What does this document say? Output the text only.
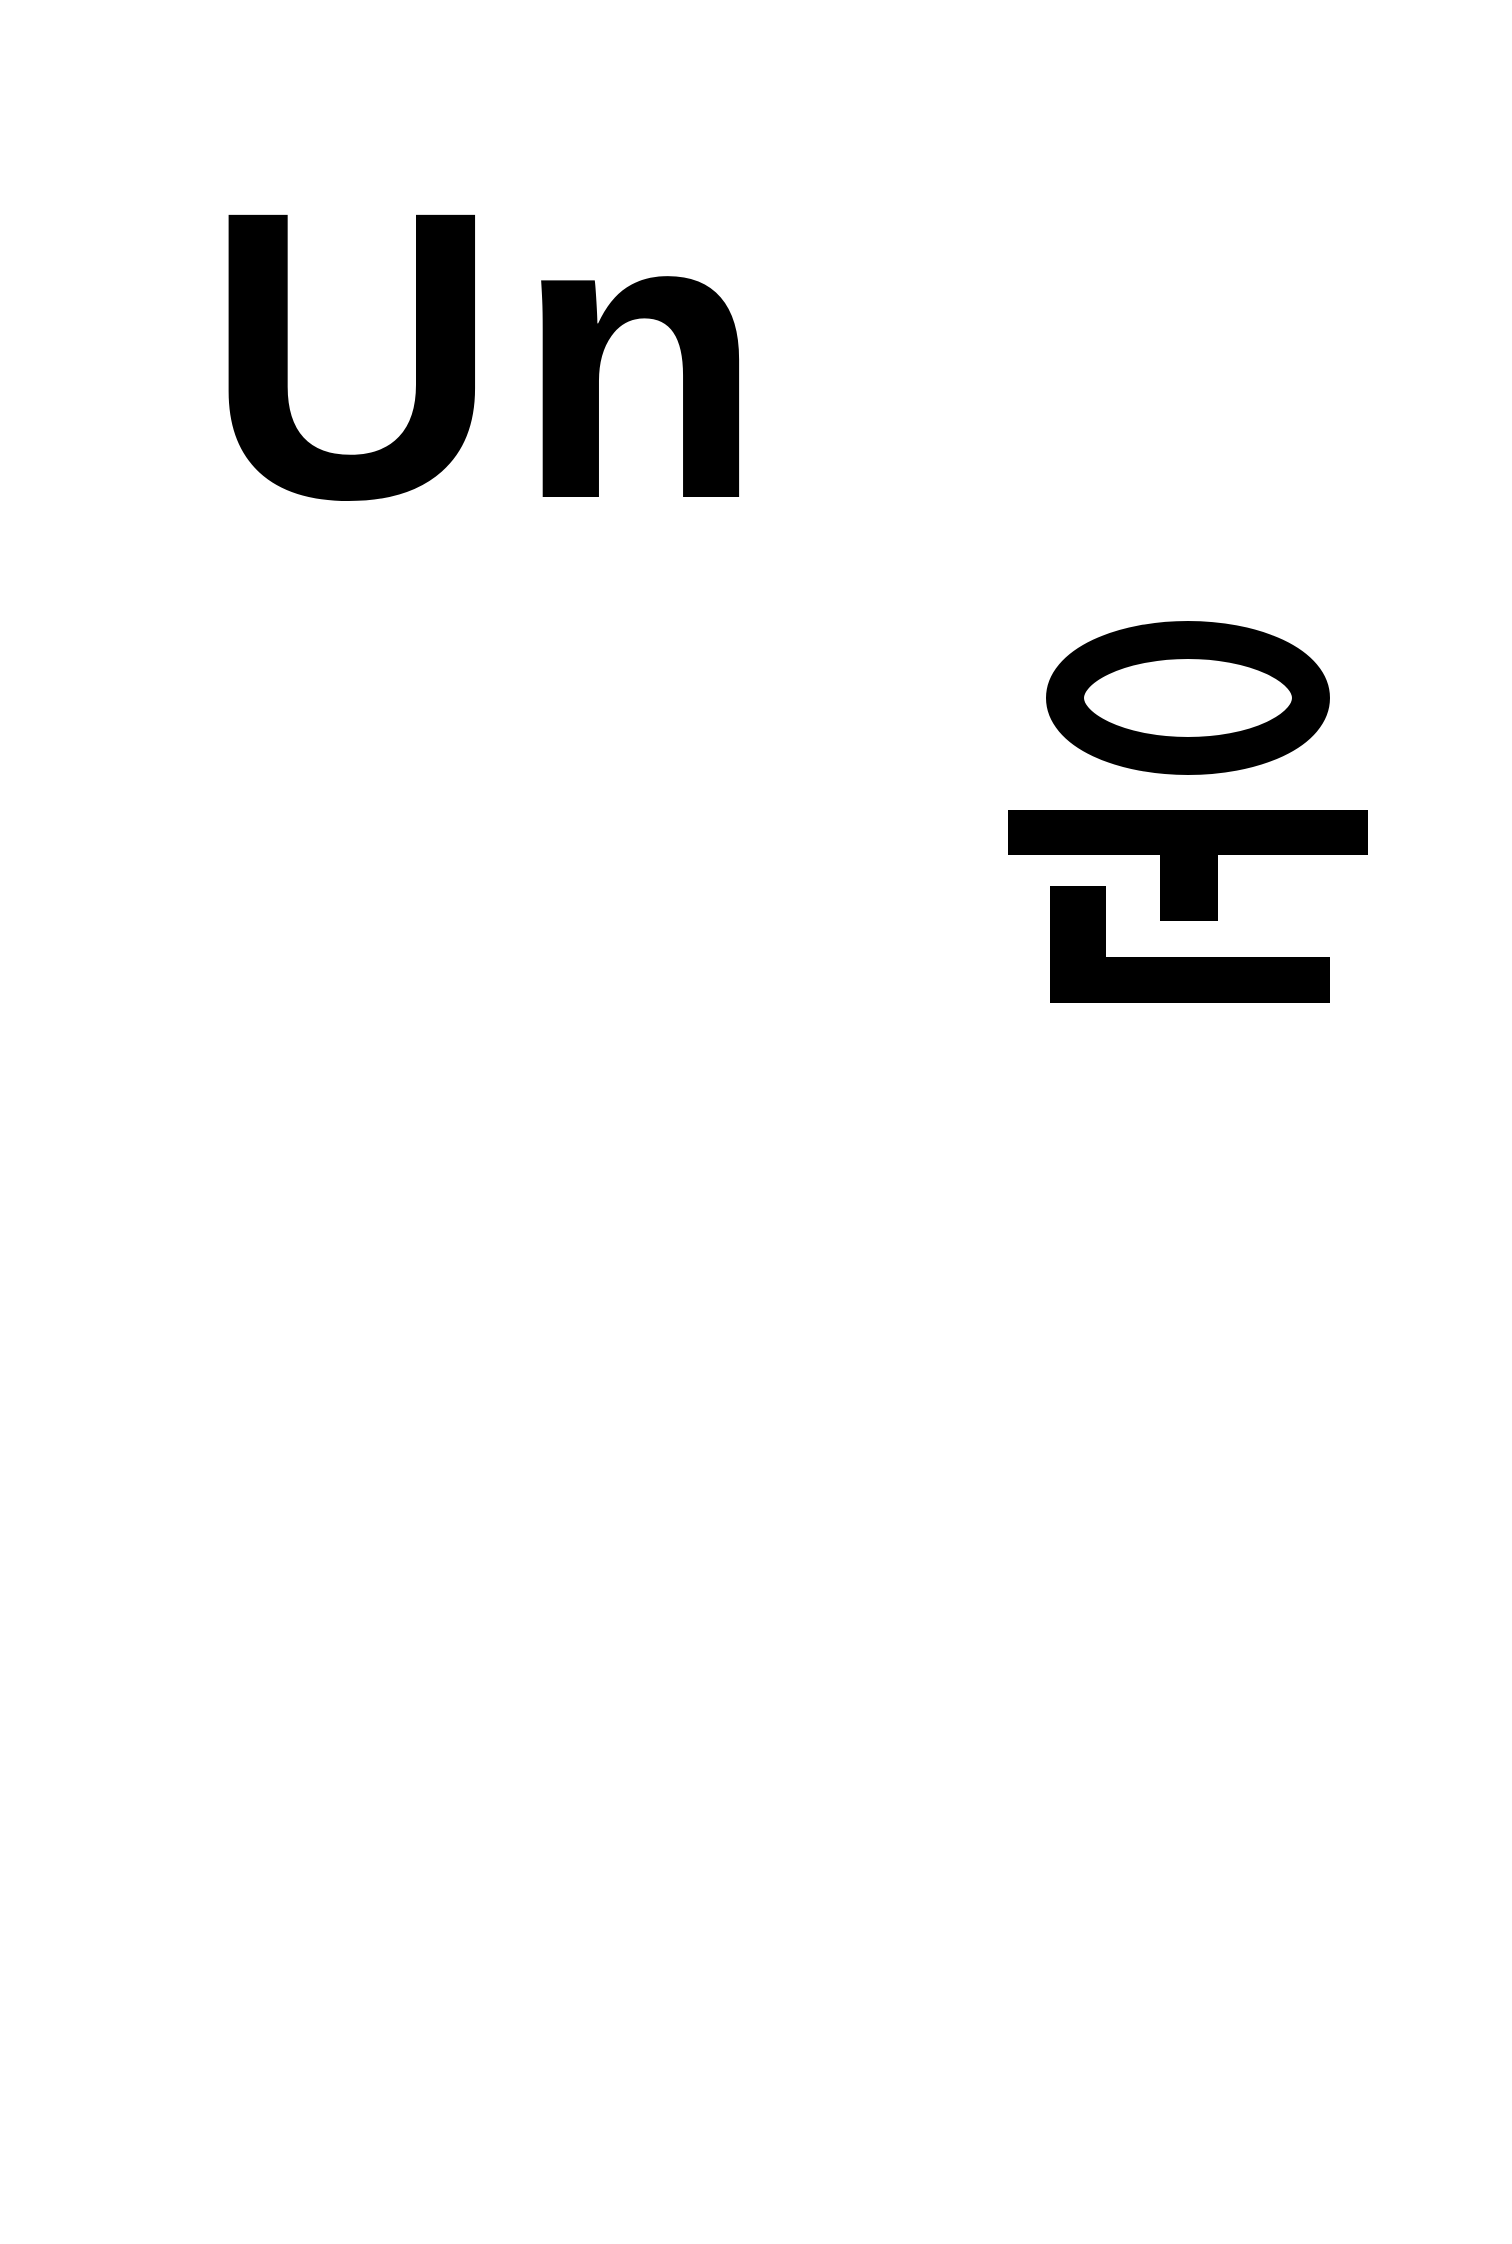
Un
